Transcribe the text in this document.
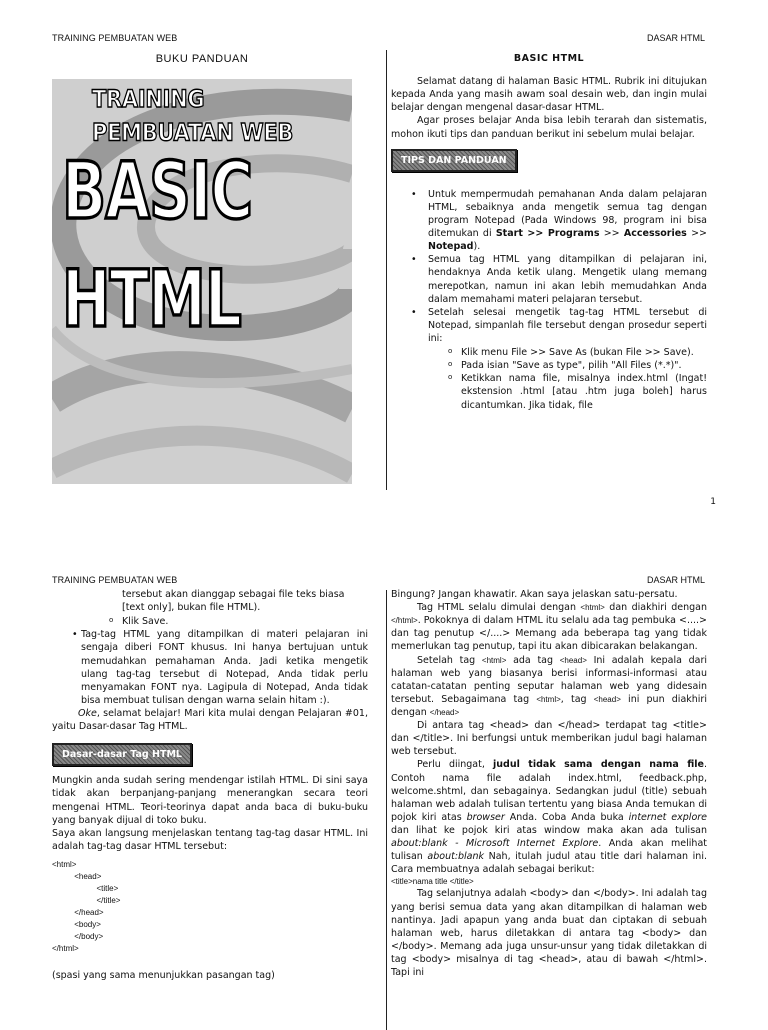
TRAINING PEMBUATAN WEB	DASAR HTML
BUKU PANDUAN
TRAINING PEMBUATAN WEB
BASIC HTML
BASIC HTML

Selamat datang di halaman Basic HTML. Rubrik ini ditujukan kepada Anda yang masih awam soal desain web, dan ingin mulai belajar dengan mengenal dasar-dasar HTML.

Agar proses belajar Anda bisa lebih terarah dan sistematis, mohon ikuti tips dan panduan berikut ini sebelum mulai belajar.

TIPS DAN PANDUAN
• Untuk mempermudah pemahanan Anda dalam pelajaran HTML, sebaiknya anda mengetik semua tag dengan program Notepad (Pada Windows 98, program ini bisa ditemukan di Start >> Programs >> Accessories >> Notepad).
• Semua tag HTML yang ditampilkan di pelajaran ini, hendaknya Anda ketik ulang. Mengetik ulang memang merepotkan, namun ini akan lebih memudahkan Anda dalam memahami materi pelajaran tersebut.
• Setelah selesai mengetik tag-tag HTML tersebut di Notepad, simpanlah file tersebut dengan prosedur seperti ini:
o Klik menu File >> Save As (bukan File >> Save).
o Pada isian "Save as type", pilih "All Files (*.*)".
o Ketikkan nama file, misalnya index.html (Ingat! ekstension .html [atau .htm juga boleh] harus dicantumkan. Jika tidak, file
1
TRAINING PEMBUATAN WEB	DASAR HTML
tersebut akan dianggap sebagai file teks biasa [text only], bukan file HTML).
o Klik Save.
• Tag-tag HTML yang ditampilkan di materi pelajaran ini sengaja diberi FONT khusus. Ini hanya bertujuan untuk memudahkan pemahaman Anda. Jadi ketika mengetik ulang tag-tag tersebut di Notepad, Anda tidak perlu menyamakan FONT nya. Lagipula di Notepad, Anda tidak bisa membuat tulisan dengan warna selain hitam :).

Oke, selamat belajar! Mari kita mulai dengan Pelajaran #01, yaitu Dasar-dasar Tag HTML.

Dasar-dasar Tag HTML

Mungkin anda sudah sering mendengar istilah HTML. Di sini saya tidak akan berpanjang-panjang menerangkan secara teori mengenai HTML. Teori-teorinya dapat anda baca di buku-buku yang banyak dijual di toko buku.

Saya akan langsung menjelaskan tentang tag-tag dasar HTML. Ini adalah tag-tag dasar HTML tersebut:

<html>
<head>
<title>
</title>
</head>
<body>
</body>
</html>

(spasi yang sama menunjukkan pasangan tag)

Bingung? Jangan khawatir. Akan saya jelaskan satu-persatu.

Tag HTML selalu dimulai dengan <html> dan diakhiri dengan </html>. Pokoknya di dalam HTML itu selalu ada tag pembuka <....> dan tag penutup </....> Memang ada beberapa tag yang tidak memerlukan tag penutup, tapi itu akan dibicarakan belakangan.

Setelah tag <html> ada tag <head> Ini adalah kepala dari halaman web yang biasanya berisi informasi-informasi atau catatan-catatan penting seputar halaman web yang didesain tersebut. Sebagaimana tag <html>, tag <head> ini pun diakhiri dengan </head>

Di antara tag <head> dan </head> terdapat tag <title> dan </title>. Ini berfungsi untuk memberikan judul bagi halaman web tersebut.

Perlu diingat, judul tidak sama dengan nama file. Contoh nama file adalah index.html, feedback.php, welcome.shtml, dan sebagainya. Sedangkan judul (title) sebuah halaman web adalah tulisan tertentu yang biasa Anda temukan di pojok kiri atas browser Anda. Coba Anda buka internet explore dan lihat ke pojok kiri atas window maka akan ada tulisan about:blank - Microsoft Internet Explore. Anda akan melihat tulisan about:blank Nah, itulah judul atau title dari halaman ini. Cara membuatnya adalah sebagai berikut:

<title>nama title </title>

Tag selanjutnya adalah <body> dan </body>. Ini adalah tag yang berisi semua data yang akan ditampilkan di halaman web nantinya. Jadi apapun yang anda buat dan ciptakan di sebuah halaman web, harus diletakkan di antara tag <body> dan </body>. Memang ada juga unsur-unsur yang tidak diletakkan di tag <body> misalnya di tag <head>, atau di bawah </html>. Tapi ini
